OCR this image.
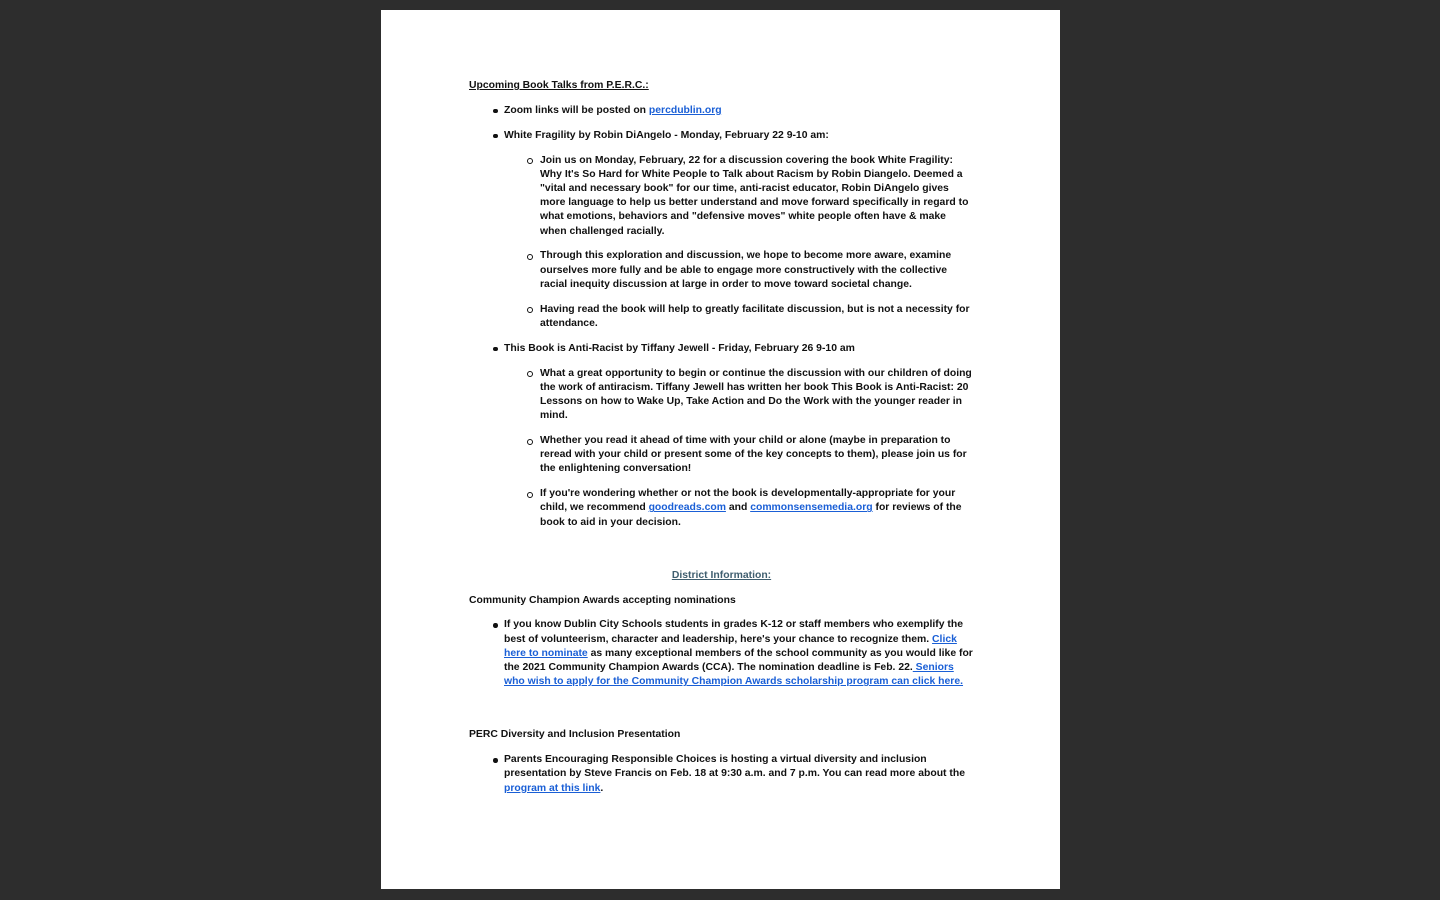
Upcoming Book Talks from P.E.R.C.:
Zoom links will be posted on percdublin.org
White Fragility by Robin DiAngelo - Monday, February 22 9-10 am:
Join us on Monday, February, 22 for a discussion covering the book White Fragility: Why It's So Hard for White People to Talk about Racism by Robin Diangelo. Deemed a "vital and necessary book" for our time, anti-racist educator, Robin DiAngelo gives more language to help us better understand and move forward specifically in regard to what emotions, behaviors and "defensive moves" white people often have & make when challenged racially.
Through this exploration and discussion, we hope to become more aware, examine ourselves more fully and be able to engage more constructively with the collective racial inequity discussion at large in order to move toward societal change.
Having read the book will help to greatly facilitate discussion, but is not a necessity for attendance.
This Book is Anti-Racist by Tiffany Jewell - Friday, February 26 9-10 am
What a great opportunity to begin or continue the discussion with our children of doing the work of antiracism. Tiffany Jewell has written her book This Book is Anti-Racist: 20 Lessons on how to Wake Up, Take Action and Do the Work with the younger reader in mind.
Whether you read it ahead of time with your child or alone (maybe in preparation to reread with your child or present some of the key concepts to them), please join us for the enlightening conversation!
If you're wondering whether or not the book is developmentally-appropriate for your child, we recommend goodreads.com and commonsensemedia.org for reviews of the book to aid in your decision.
District Information:
Community Champion Awards accepting nominations
If you know Dublin City Schools students in grades K-12 or staff members who exemplify the best of volunteerism, character and leadership, here's your chance to recognize them. Click here to nominate as many exceptional members of the school community as you would like for the 2021 Community Champion Awards (CCA). The nomination deadline is Feb. 22. Seniors who wish to apply for the Community Champion Awards scholarship program can click here.
PERC Diversity and Inclusion Presentation
Parents Encouraging Responsible Choices is hosting a virtual diversity and inclusion presentation by Steve Francis on Feb. 18 at 9:30 a.m. and 7 p.m. You can read more about the program at this link.
